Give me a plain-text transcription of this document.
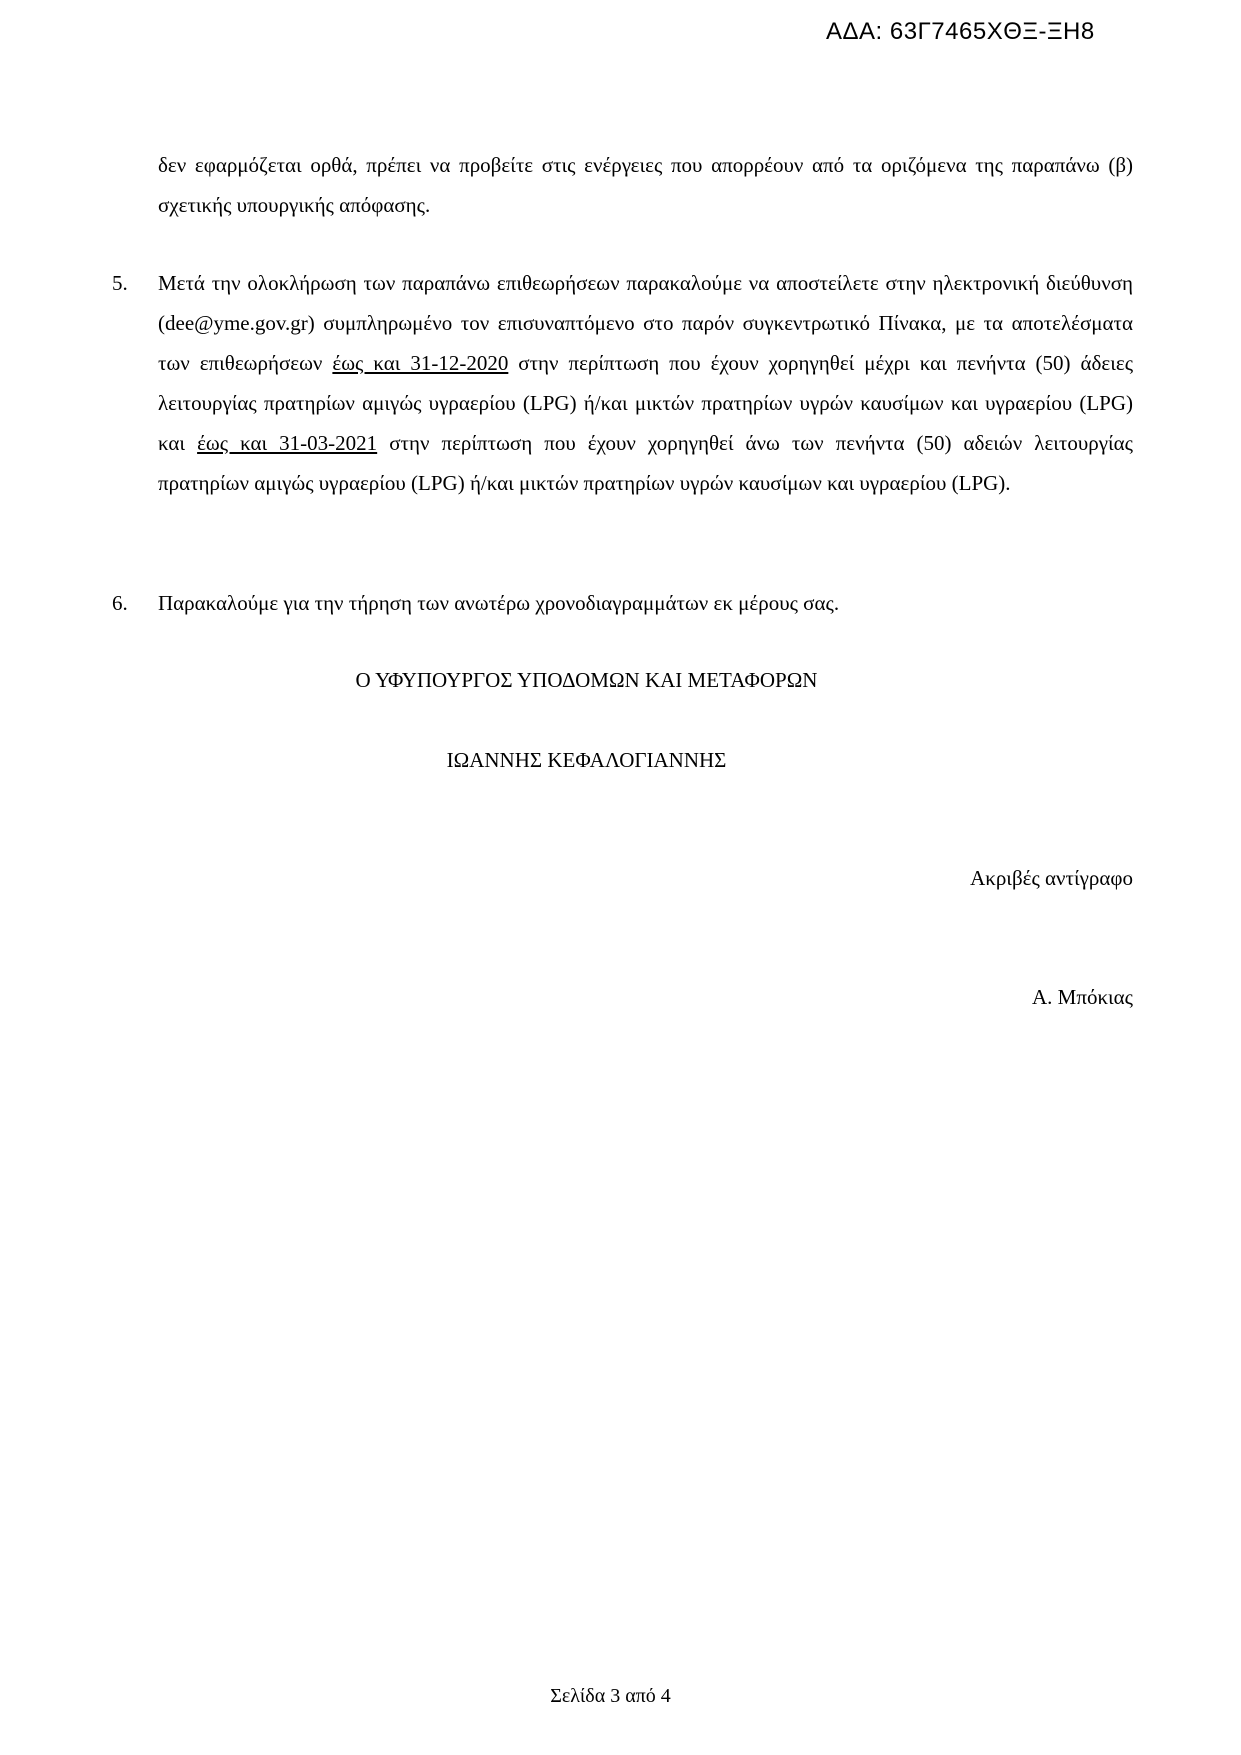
ΑΔΑ: 63Γ7465ΧΘΞ-ΞΗ8
δεν εφαρμόζεται ορθά, πρέπει να προβείτε στις ενέργειες που απορρέουν από τα οριζόμενα της παραπάνω (β) σχετικής υπουργικής απόφασης.
5. Μετά την ολοκλήρωση των παραπάνω επιθεωρήσεων παρακαλούμε να αποστείλετε στην ηλεκτρονική διεύθυνση (dee@yme.gov.gr) συμπληρωμένο τον επισυναπτόμενο στο παρόν συγκεντρωτικό Πίνακα, με τα αποτελέσματα των επιθεωρήσεων έως και 31-12-2020 στην περίπτωση που έχουν χορηγηθεί μέχρι και πενήντα (50) άδειες λειτουργίας πρατηρίων αμιγώς υγραερίου (LPG) ή/και μικτών πρατηρίων υγρών καυσίμων και υγραερίου (LPG) και έως και 31-03-2021 στην περίπτωση που έχουν χορηγηθεί άνω των πενήντα (50) αδειών λειτουργίας πρατηρίων αμιγώς υγραερίου (LPG) ή/και μικτών πρατηρίων υγρών καυσίμων και υγραερίου (LPG).
6. Παρακαλούμε για την τήρηση των ανωτέρω χρονοδιαγραμμάτων εκ μέρους σας.
Ο ΥΦΥΠΟΥΡΓΟΣ ΥΠΟΔΟΜΩΝ ΚΑΙ ΜΕΤΑΦΟΡΩΝ
ΙΩΑΝΝΗΣ ΚΕΦΑΛΟΓΙΑΝΝΗΣ
Ακριβές αντίγραφο
Α. Μπόκιας
Σελίδα 3 από 4
